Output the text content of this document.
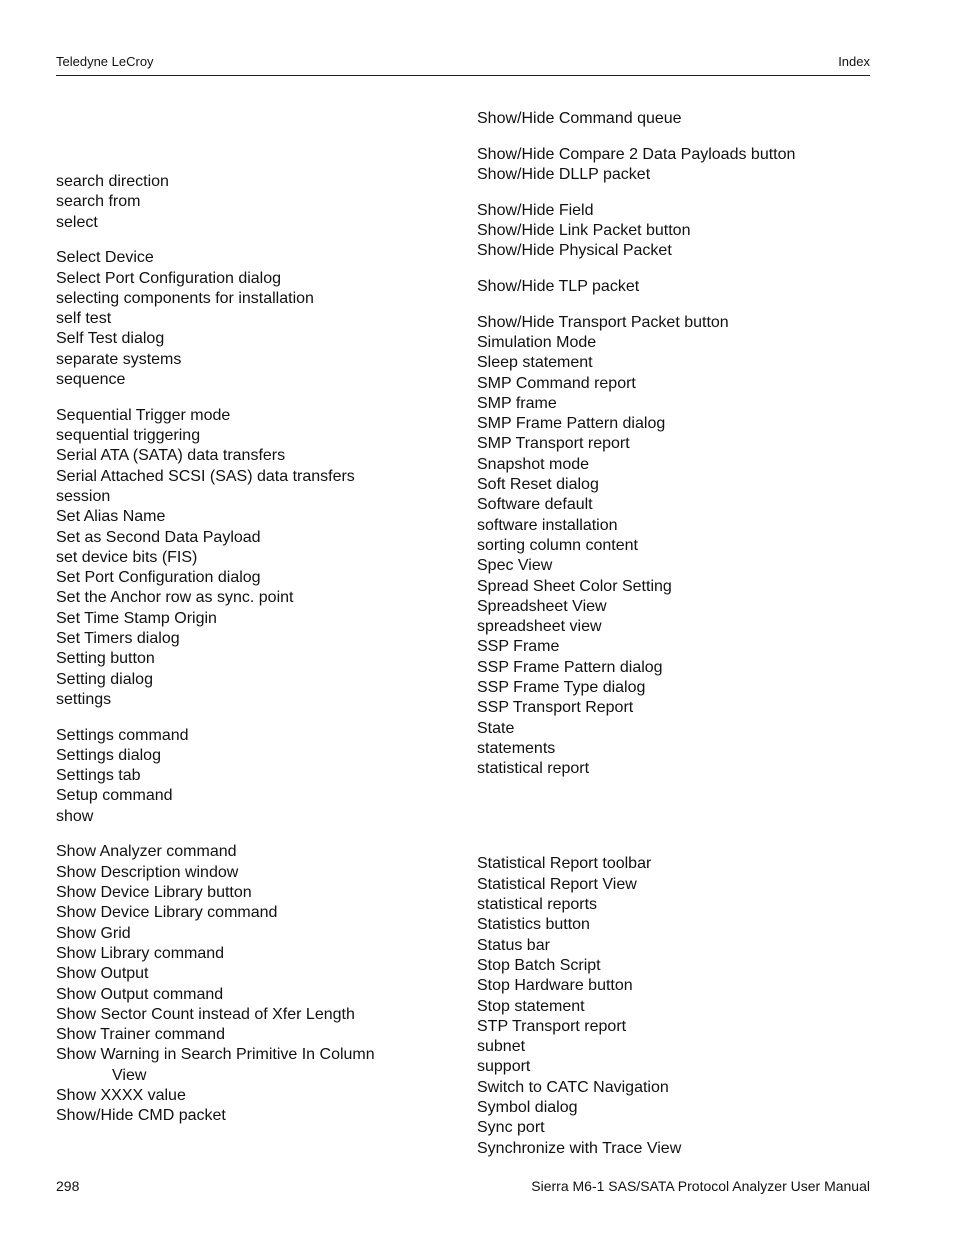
Teledyne LeCroy	Index
search direction
search from
select
Select Device
Select Port Configuration dialog
selecting components for installation
self test
Self Test dialog
separate systems
sequence
Sequential Trigger mode
sequential triggering
Serial ATA (SATA) data transfers
Serial Attached SCSI (SAS) data transfers
session
Set Alias Name
Set as Second Data Payload
set device bits (FIS)
Set Port Configuration dialog
Set the Anchor row as sync. point
Set Time Stamp Origin
Set Timers dialog
Setting button
Setting dialog
settings
Settings command
Settings dialog
Settings tab
Setup command
show
Show Analyzer command
Show Description window
Show Device Library button
Show Device Library command
Show Grid
Show Library command
Show Output
Show Output command
Show Sector Count instead of Xfer Length
Show Trainer command
Show Warning in Search Primitive In Column
View
Show XXXX value
Show/Hide CMD packet
Show/Hide Command queue
Show/Hide Compare 2 Data Payloads button
Show/Hide DLLP packet
Show/Hide Field
Show/Hide Link Packet button
Show/Hide Physical Packet
Show/Hide TLP packet
Show/Hide Transport Packet button
Simulation Mode
Sleep statement
SMP Command report
SMP frame
SMP Frame Pattern dialog
SMP Transport report
Snapshot mode
Soft Reset dialog
Software default
software installation
sorting column content
Spec View
Spread Sheet Color Setting
Spreadsheet View
spreadsheet view
SSP Frame
SSP Frame Pattern dialog
SSP Frame Type dialog
SSP Transport Report
State
statements
statistical report
Statistical Report toolbar
Statistical Report View
statistical reports
Statistics button
Status bar
Stop Batch Script
Stop Hardware button
Stop statement
STP Transport report
subnet
support
Switch to CATC Navigation
Symbol dialog
Sync port
Synchronize with Trace View
298	Sierra M6-1 SAS/SATA Protocol Analyzer User Manual
